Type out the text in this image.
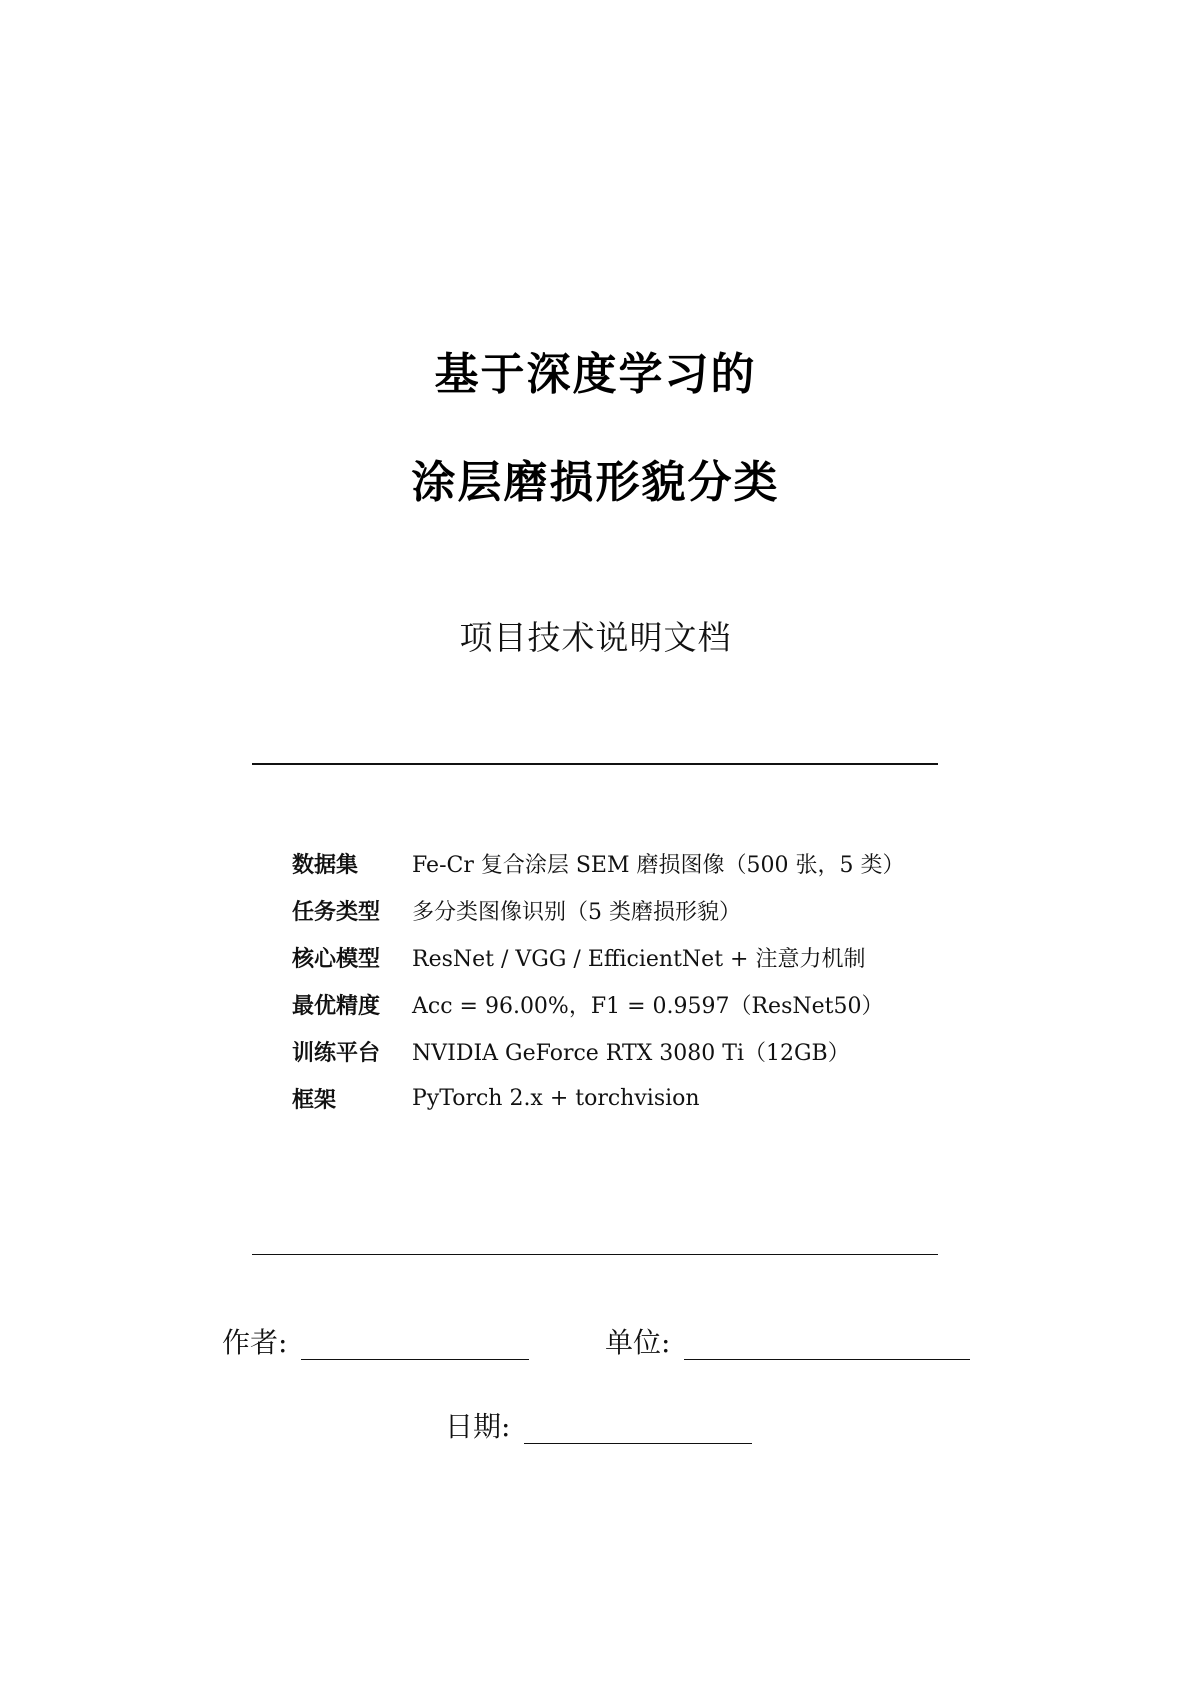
基于深度学习的
涂层磨损形貌分类
项目技术说明文档
数据集	Fe-Cr 复合涂层 SEM 磨损图像（500 张，5 类）
任务类型	多分类图像识别（5 类磨损形貌）
核心模型	ResNet / VGG / EfficientNet + 注意力机制
最优精度	Acc = 96.00%，F1 = 0.9597（ResNet50）
训练平台	NVIDIA GeForce RTX 3080 Ti（12GB）
框架	PyTorch 2.x + torchvision
作者:	单位:
日期:
